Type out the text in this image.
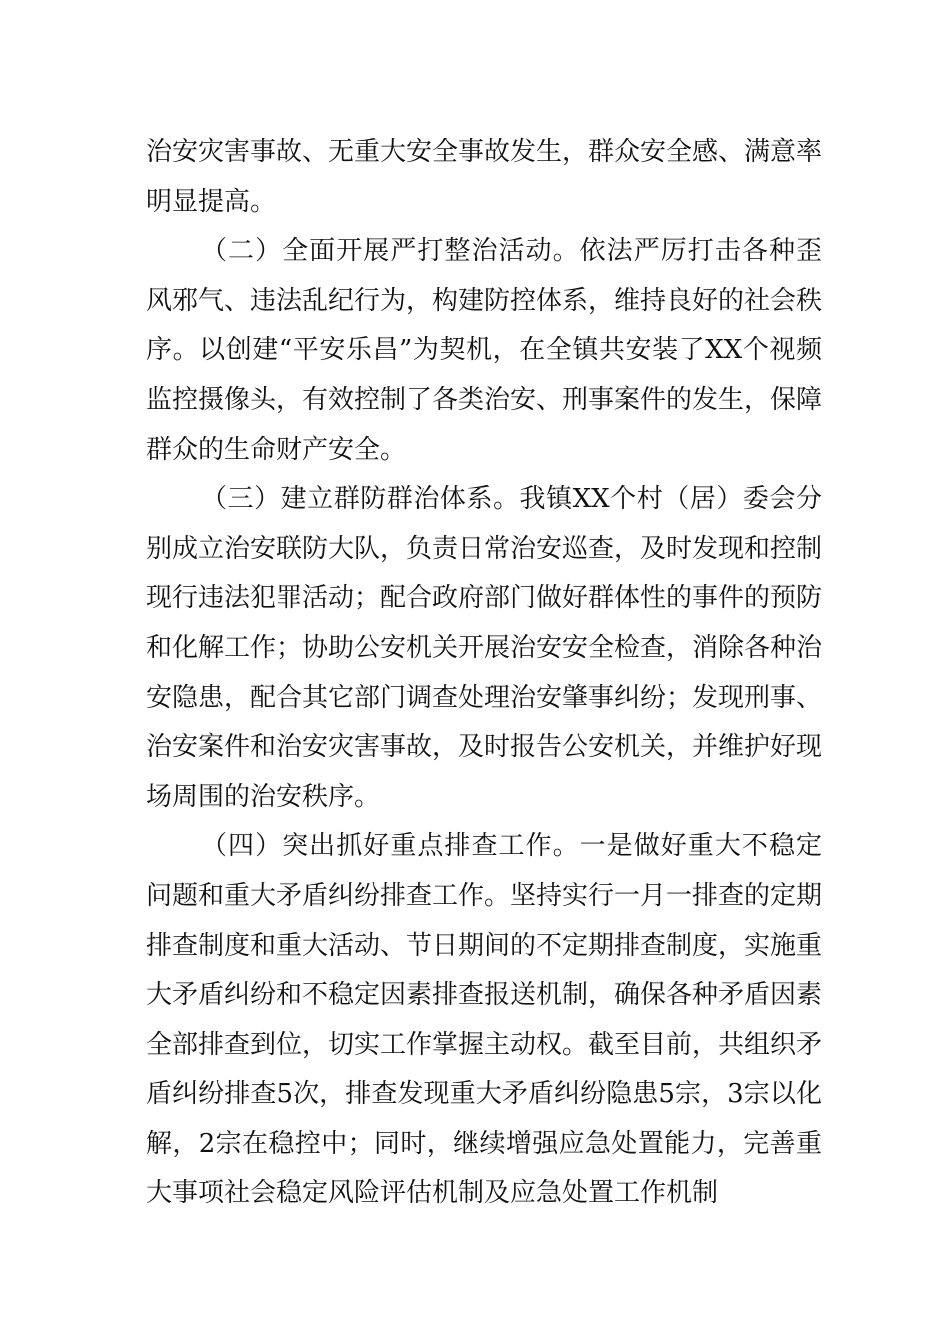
治安灾害事故、无重大安全事故发生，群众安全感、满意率明显提高。

（二）全面开展严打整治活动。依法严厉打击各种歪风邪气、违法乱纪行为，构建防控体系，维持良好的社会秩序。以创建“平安乐昌”为契机，在全镇共安装了XX个视频监控摄像头，有效控制了各类治安、刑事案件的发生，保障群众的生命财产安全。

（三）建立群防群治体系。我镇XX个村（居）委会分别成立治安联防大队，负责日常治安巡查，及时发现和控制现行违法犯罪活动；配合政府部门做好群体性的事件的预防和化解工作；协助公安机关开展治安安全检查，消除各种治安隐患，配合其它部门调查处理治安肇事纠纷；发现刑事、治安案件和治安灾害事故，及时报告公安机关，并维护好现场周围的治安秩序。

（四）突出抓好重点排查工作。一是做好重大不稳定问题和重大矛盾纠纷排查工作。坚持实行一月一排查的定期排查制度和重大活动、节日期间的不定期排查制度，实施重大矛盾纠纷和不稳定因素排查报送机制，确保各种矛盾因素全部排查到位，切实工作掌握主动权。截至目前，共组织矛盾纠纷排查5次，排查发现重大矛盾纠纷隐患5宗，3宗以化解，2宗在稳控中；同时，继续增强应急处置能力，完善重大事项社会稳定风险评估机制及应急处置工作机制
